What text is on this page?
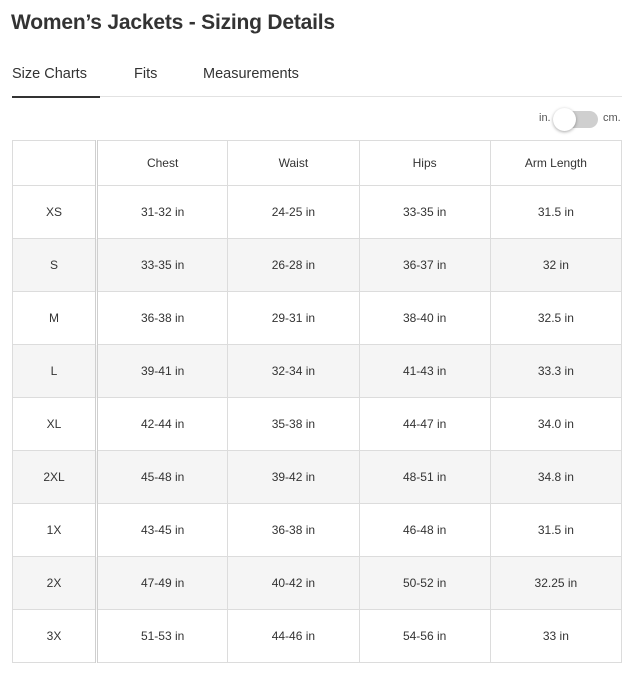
Women’s Jackets - Sizing Details
Size Charts	Fits	Measurements
in.	cm.
	Chest	Waist	Hips	Arm Length
XS	31-32 in	24-25 in	33-35 in	31.5 in
S	33-35 in	26-28 in	36-37 in	32 in
M	36-38 in	29-31 in	38-40 in	32.5 in
L	39-41 in	32-34 in	41-43 in	33.3 in
XL	42-44 in	35-38 in	44-47 in	34.0 in
2XL	45-48 in	39-42 in	48-51 in	34.8 in
1X	43-45 in	36-38 in	46-48 in	31.5 in
2X	47-49 in	40-42 in	50-52 in	32.25 in
3X	51-53 in	44-46 in	54-56 in	33 in
